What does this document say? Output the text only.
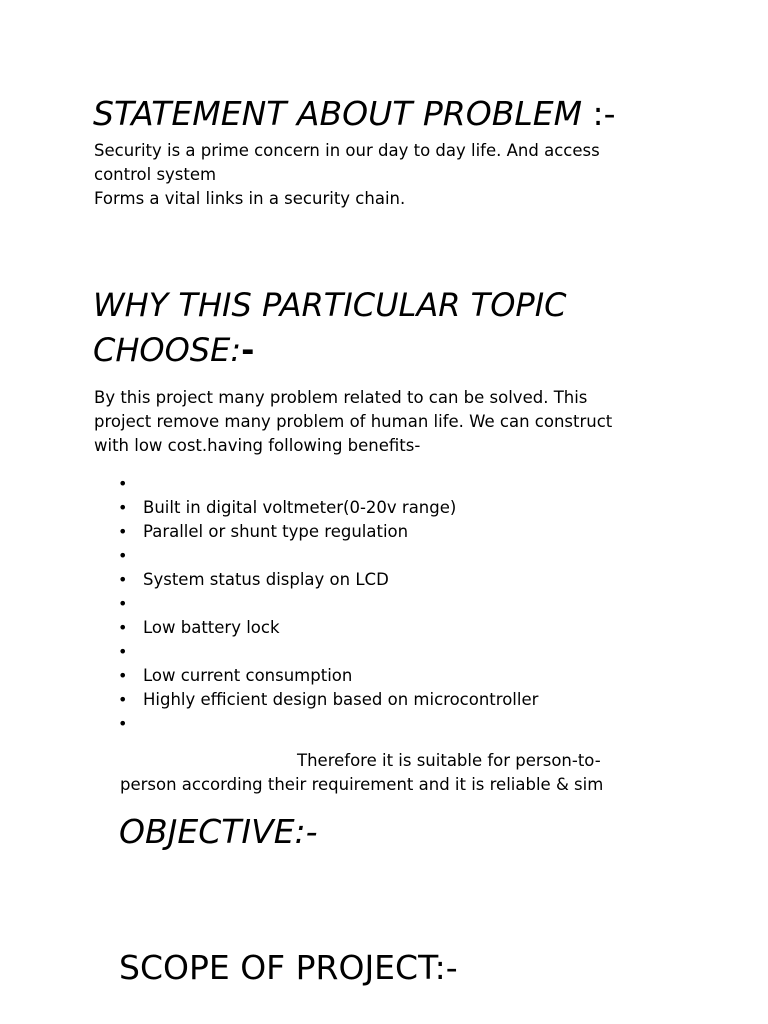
STATEMENT ABOUT PROBLEM :-

Security is a prime concern in our day to day life. And access
control system
Forms a vital links in a security chain.

WHY THIS PARTICULAR TOPIC
CHOOSE:-

By this project many problem related to can be solved. This
project remove many problem of human life. We can construct
with low cost.having following benefits-

•
• Built in digital voltmeter(0-20v range)
• Parallel or shunt type regulation
•
• System status display on LCD
•
• Low battery lock
•
• Low current consumption
• Highly efficient design based on microcontroller
•

Therefore it is suitable for person-to-
person according their requirement and it is reliable & sim

OBJECTIVE:-
SCOPE OF PROJECT:-
